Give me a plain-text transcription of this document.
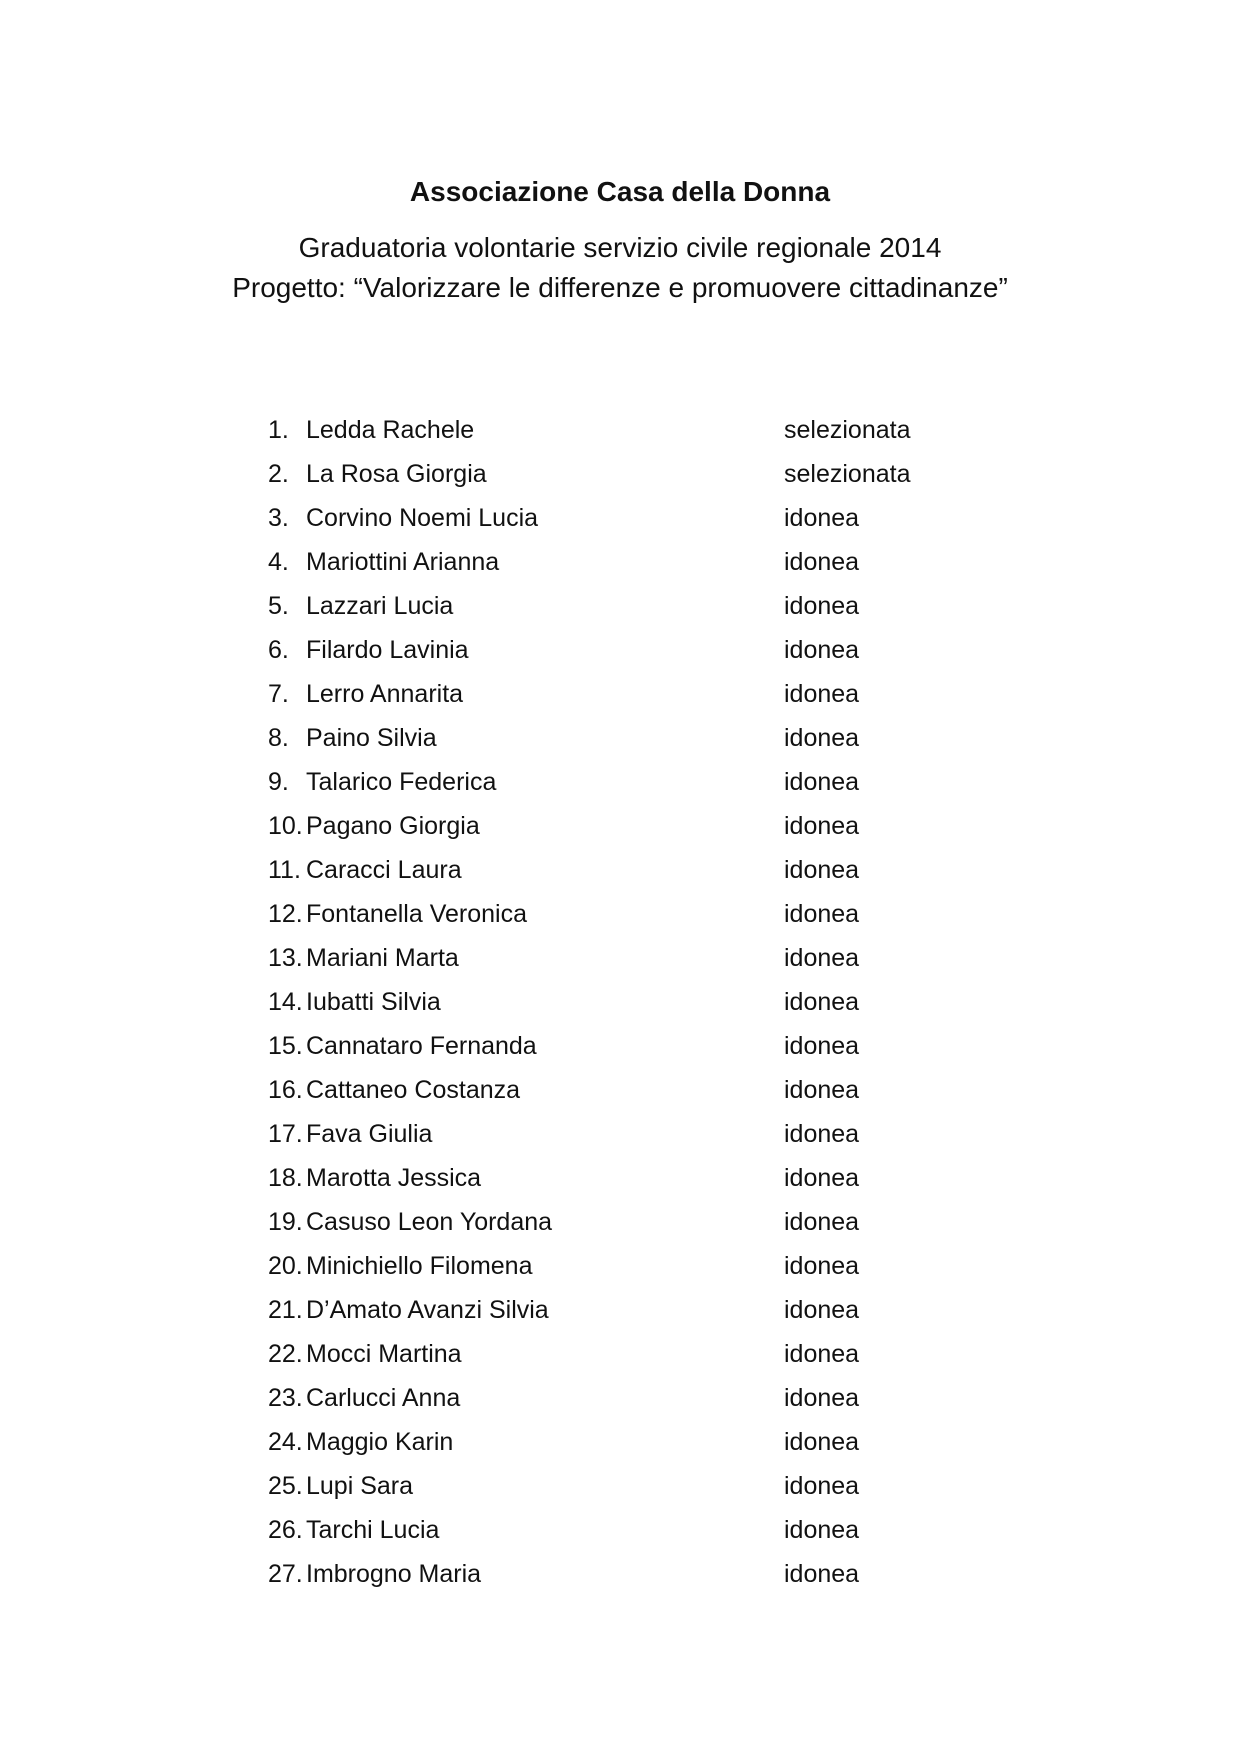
Associazione Casa della Donna
Graduatoria volontarie servizio civile regionale 2014
Progetto: “Valorizzare le differenze e promuovere cittadinanze”
1. Ledda Rachele	selezionata
2. La Rosa Giorgia	selezionata
3. Corvino Noemi Lucia	idonea
4. Mariottini Arianna	idonea
5. Lazzari Lucia	idonea
6. Filardo Lavinia	idonea
7. Lerro Annarita	idonea
8. Paino Silvia	idonea
9. Talarico Federica	idonea
10. Pagano Giorgia	idonea
11. Caracci Laura	idonea
12. Fontanella Veronica	idonea
13. Mariani Marta	idonea
14. Iubatti Silvia	idonea
15. Cannataro Fernanda	idonea
16. Cattaneo Costanza	idonea
17. Fava Giulia	idonea
18. Marotta Jessica	idonea
19. Casuso Leon Yordana	idonea
20. Minichiello Filomena	idonea
21. D’Amato Avanzi Silvia	idonea
22. Mocci Martina	idonea
23. Carlucci Anna	idonea
24. Maggio Karin	idonea
25. Lupi Sara	idonea
26. Tarchi Lucia	idonea
27. Imbrogno Maria	idonea
